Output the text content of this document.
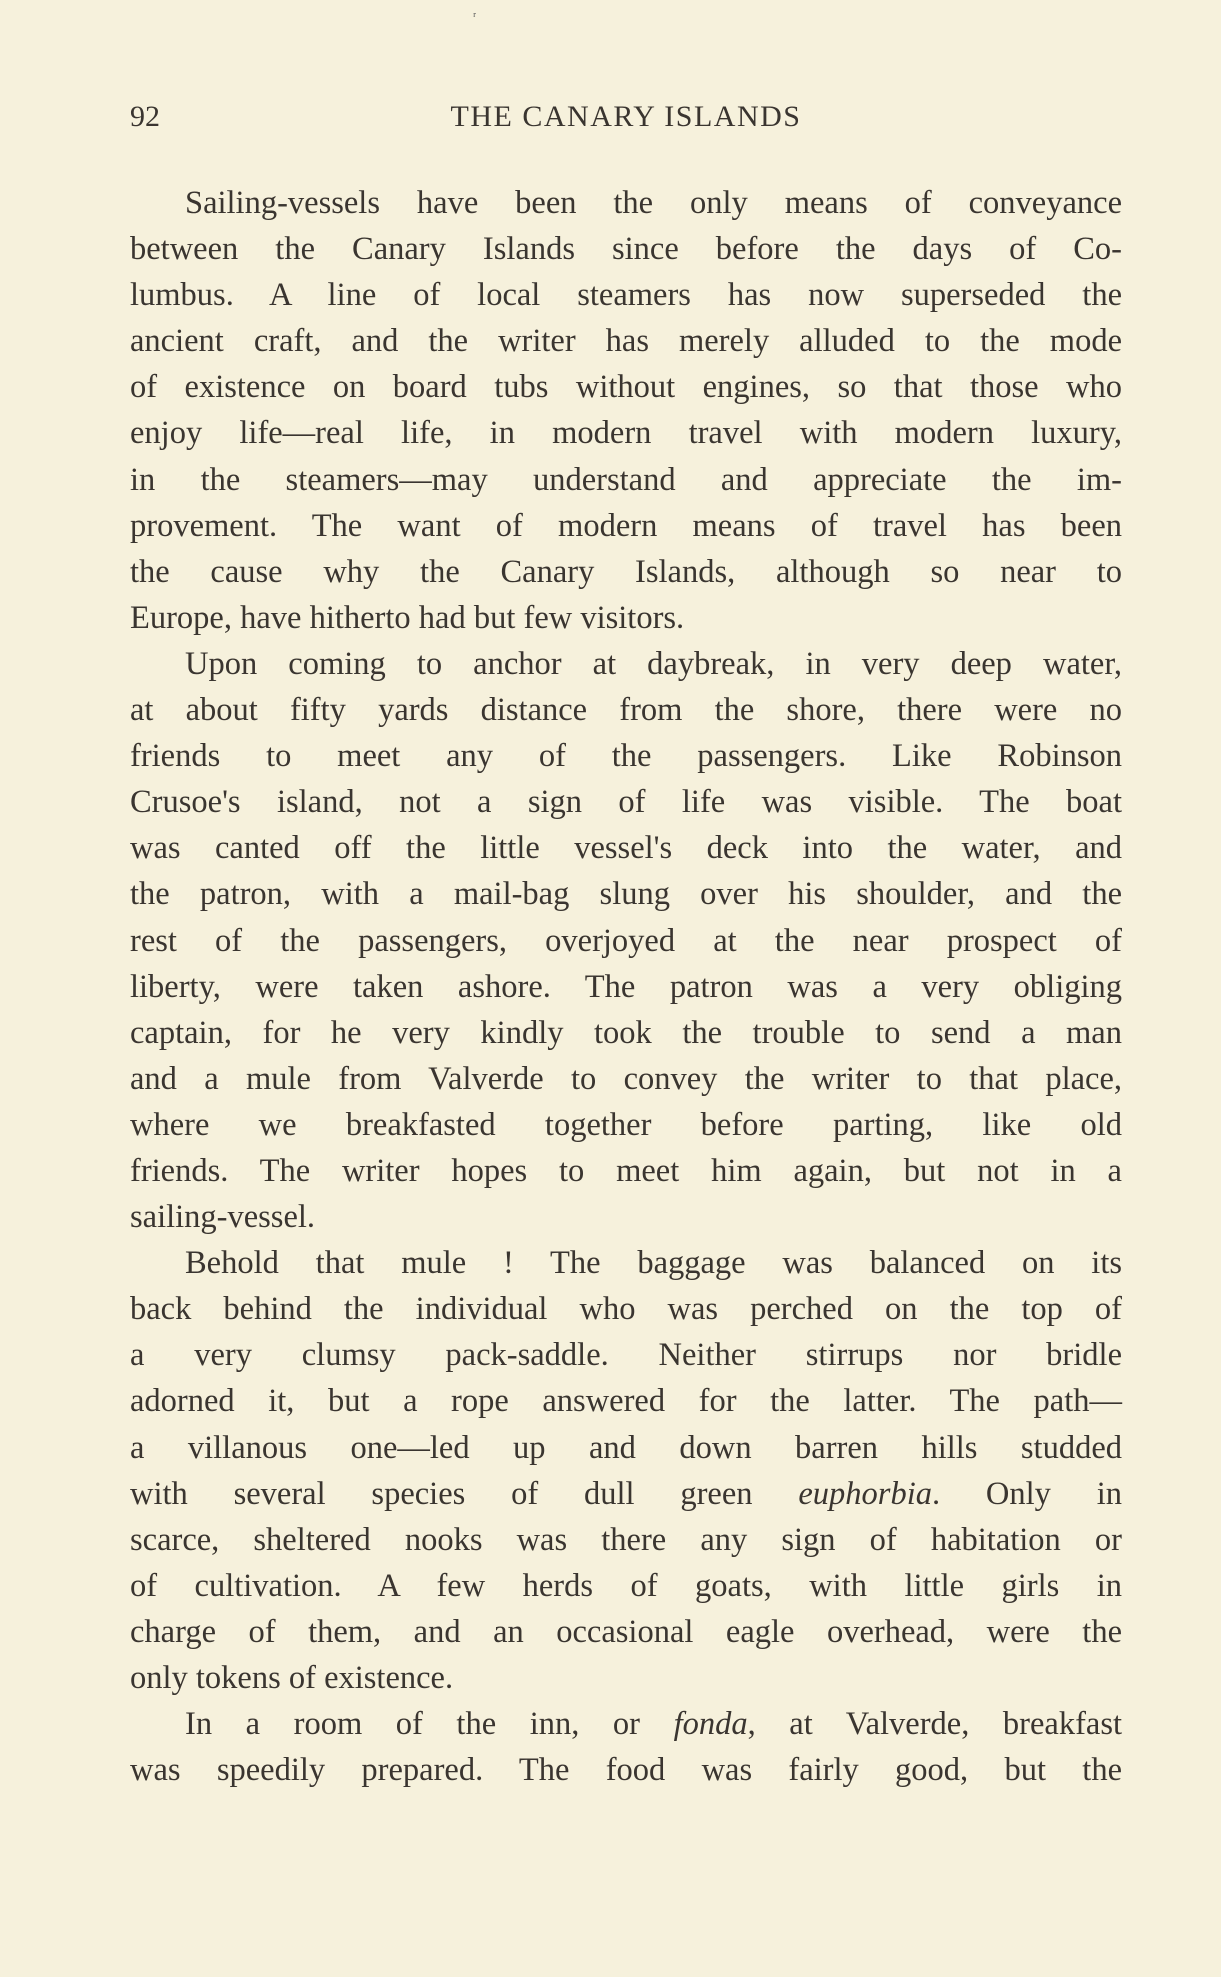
ʳ
92	THE CANARY ISLANDS
Sailing-vessels have been the only means of conveyance
between the Canary Islands since before the days of Co-
lumbus. A line of local steamers has now superseded the
ancient craft, and the writer has merely alluded to the mode
of existence on board tubs without engines, so that those who
enjoy life—real life, in modern travel with modern luxury,
in the steamers—may understand and appreciate the im-
provement. The want of modern means of travel has been
the cause why the Canary Islands, although so near to
Europe, have hitherto had but few visitors.
Upon coming to anchor at daybreak, in very deep water,
at about fifty yards distance from the shore, there were no
friends to meet any of the passengers. Like Robinson
Crusoe's island, not a sign of life was visible. The boat
was canted off the little vessel's deck into the water, and
the patron, with a mail-bag slung over his shoulder, and the
rest of the passengers, overjoyed at the near prospect of
liberty, were taken ashore. The patron was a very obliging
captain, for he very kindly took the trouble to send a man
and a mule from Valverde to convey the writer to that place,
where we breakfasted together before parting, like old
friends. The writer hopes to meet him again, but not in a
sailing-vessel.
Behold that mule ! The baggage was balanced on its
back behind the individual who was perched on the top of
a very clumsy pack-saddle. Neither stirrups nor bridle
adorned it, but a rope answered for the latter. The path—
a villanous one—led up and down barren hills studded
with several species of dull green euphorbia. Only in
scarce, sheltered nooks was there any sign of habitation or
of cultivation. A few herds of goats, with little girls in
charge of them, and an occasional eagle overhead, were the
only tokens of existence.
In a room of the inn, or fonda, at Valverde, breakfast
was speedily prepared. The food was fairly good, but the
